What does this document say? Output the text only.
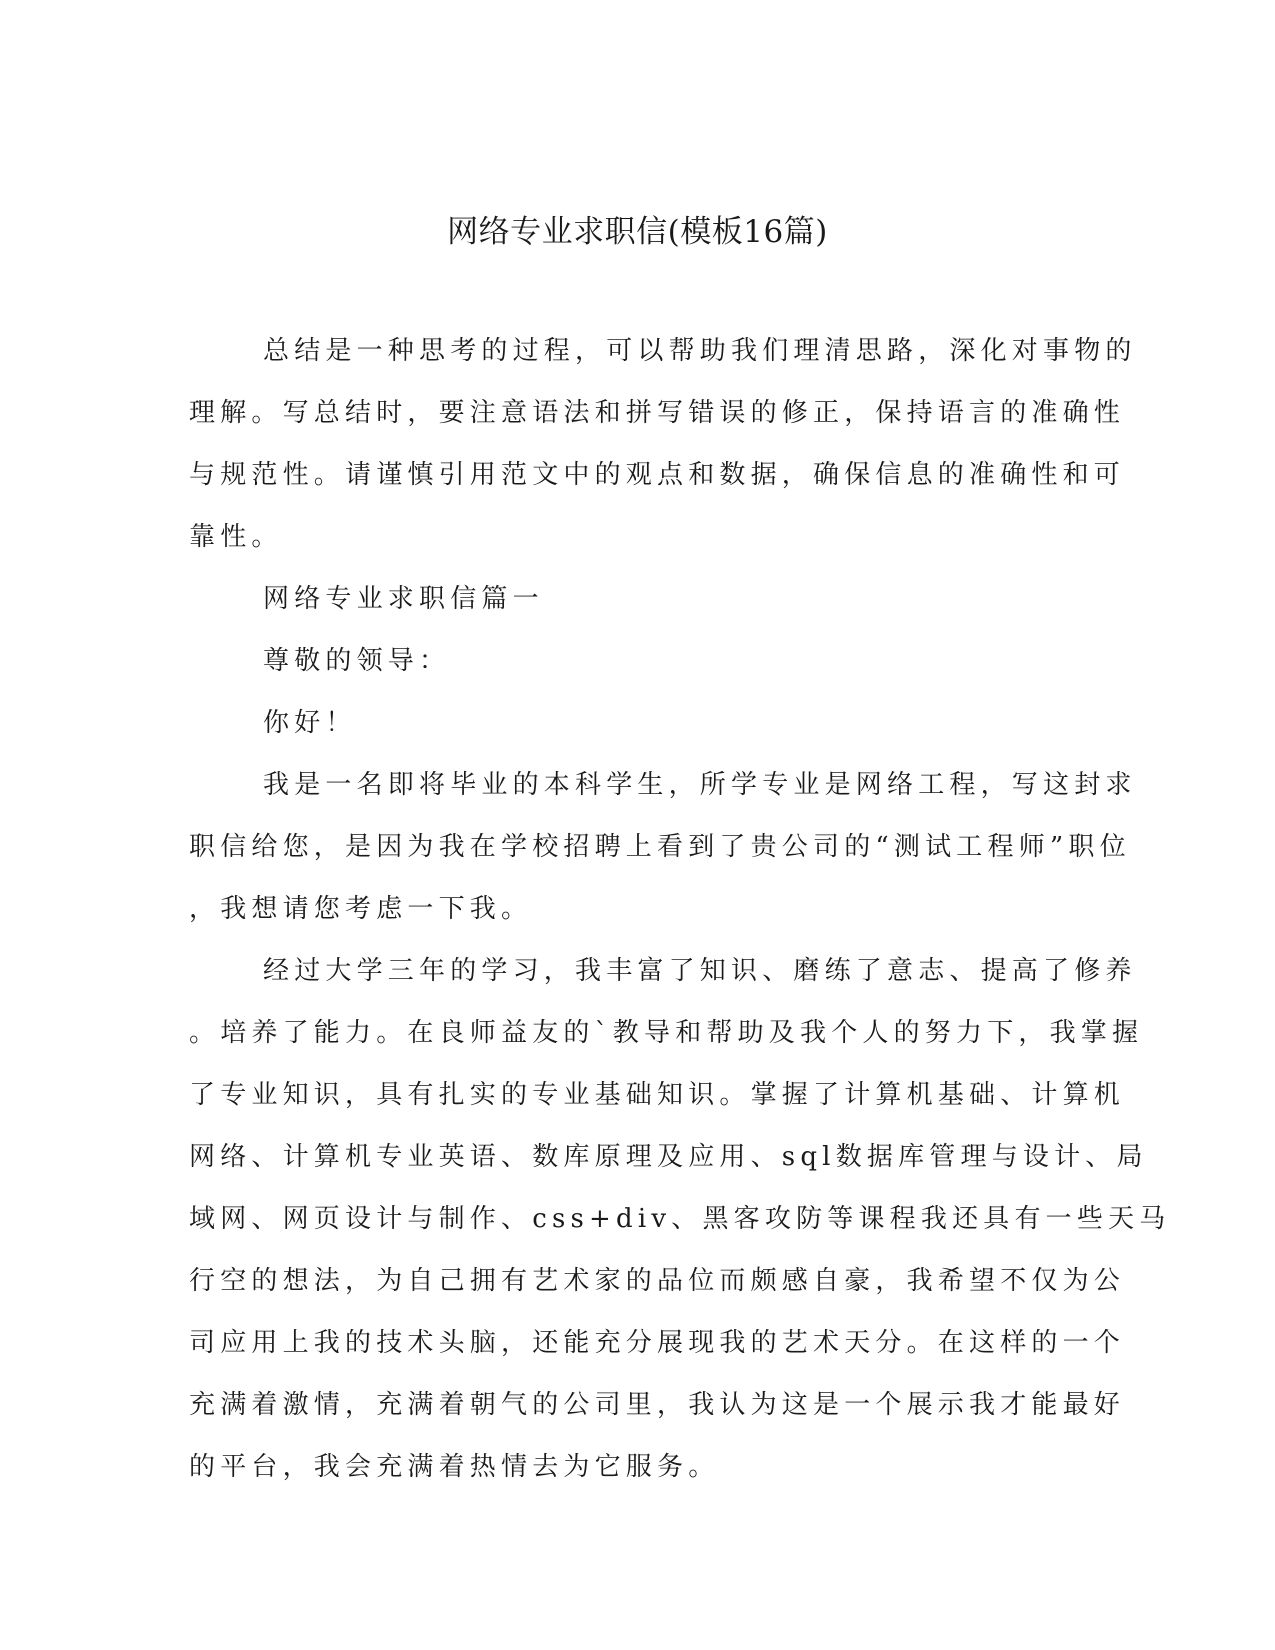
网络专业求职信(模板16篇)
总结是一种思考的过程，可以帮助我们理清思路，深化对事物的
理解。写总结时，要注意语法和拼写错误的修正，保持语言的准确性
与规范性。请谨慎引用范文中的观点和数据，确保信息的准确性和可
靠性。
网络专业求职信篇一
尊敬的领导：
你好！
我是一名即将毕业的本科学生，所学专业是网络工程，写这封求
职信给您，是因为我在学校招聘上看到了贵公司的“测试工程师”职位
，我想请您考虑一下我。
经过大学三年的学习，我丰富了知识、磨练了意志、提高了修养
。培养了能力。在良师益友的`教导和帮助及我个人的努力下，我掌握
了专业知识，具有扎实的专业基础知识。掌握了计算机基础、计算机
网络、计算机专业英语、数库原理及应用、sql数据库管理与设计、局
域网、网页设计与制作、css+div、黑客攻防等课程我还具有一些天马
行空的想法，为自己拥有艺术家的品位而颇感自豪，我希望不仅为公
司应用上我的技术头脑，还能充分展现我的艺术天分。在这样的一个
充满着激情，充满着朝气的公司里，我认为这是一个展示我才能最好
的平台，我会充满着热情去为它服务。
